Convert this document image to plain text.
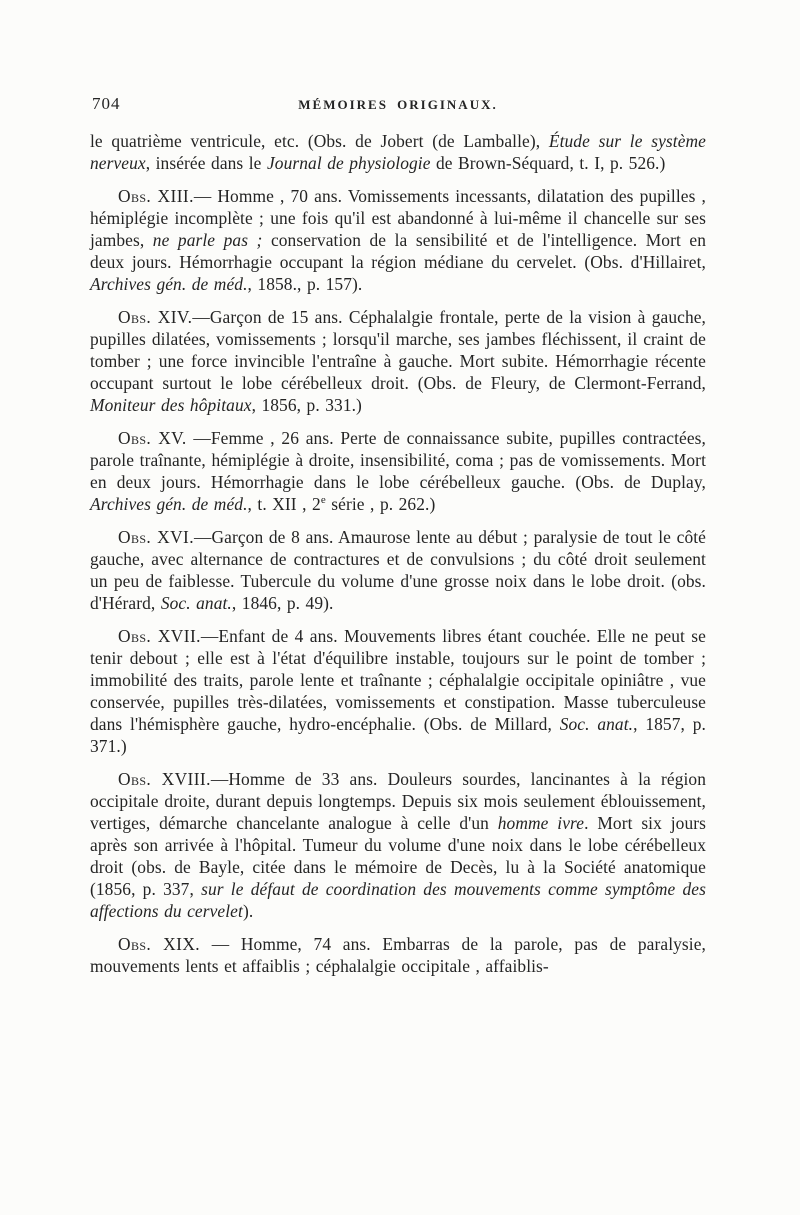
704	MÉMOIRES ORIGINAUX.

le quatrième ventricule, etc. (Obs. de Jobert (de Lamballe), Étude sur le système nerveux, insérée dans le Journal de physiologie de Brown-Séquard, t. I, p. 526.)

Obs. XIII.— Homme , 70 ans. Vomissements incessants, dilatation des pupilles , hémiplégie incomplète ; une fois qu'il est abandonné à lui-même il chancelle sur ses jambes, ne parle pas ; conservation de la sensibilité et de l'intelligence. Mort en deux jours. Hémorrhagie occupant la région médiane du cervelet. (Obs. d'Hillairet, Archives gén. de méd., 1858., p. 157).

Obs. XIV.—Garçon de 15 ans. Céphalalgie frontale, perte de la vision à gauche, pupilles dilatées, vomissements ; lorsqu'il marche, ses jambes fléchissent, il craint de tomber ; une force invincible l'entraîne à gauche. Mort subite. Hémorrhagie récente occupant surtout le lobe cérébelleux droit. (Obs. de Fleury, de Clermont-Ferrand, Moniteur des hôpitaux, 1856, p. 331.)

Obs. XV. —Femme , 26 ans. Perte de connaissance subite, pupilles contractées, parole traînante, hémiplégie à droite, insensibilité, coma ; pas de vomissements. Mort en deux jours. Hémorrhagie dans le lobe cérébelleux gauche. (Obs. de Duplay, Archives gén. de méd., t. XII , 2e série , p. 262.)

Obs. XVI.—Garçon de 8 ans. Amaurose lente au début ; paralysie de tout le côté gauche, avec alternance de contractures et de convulsions ; du côté droit seulement un peu de faiblesse. Tubercule du volume d'une grosse noix dans le lobe droit. (obs. d'Hérard, Soc. anat., 1846, p. 49).

Obs. XVII.—Enfant de 4 ans. Mouvements libres étant couchée. Elle ne peut se tenir debout ; elle est à l'état d'équilibre instable, toujours sur le point de tomber ; immobilité des traits, parole lente et traînante ; céphalalgie occipitale opiniâtre , vue conservée, pupilles très-dilatées, vomissements et constipation. Masse tuberculeuse dans l'hémisphère gauche, hydro-encéphalie. (Obs. de Millard, Soc. anat., 1857, p. 371.)

Obs. XVIII.—Homme de 33 ans. Douleurs sourdes, lancinantes à la région occipitale droite, durant depuis longtemps. Depuis six mois seulement éblouissement, vertiges, démarche chancelante analogue à celle d'un homme ivre. Mort six jours après son arrivée à l'hôpital. Tumeur du volume d'une noix dans le lobe cérébelleux droit (obs. de Bayle, citée dans le mémoire de Decès, lu à la Société anatomique (1856, p. 337, sur le défaut de coordination des mouvements comme symptôme des affections du cervelet).

Obs. XIX. — Homme, 74 ans. Embarras de la parole, pas de paralysie, mouvements lents et affaiblis ; céphalalgie occipitale , affaiblis-
